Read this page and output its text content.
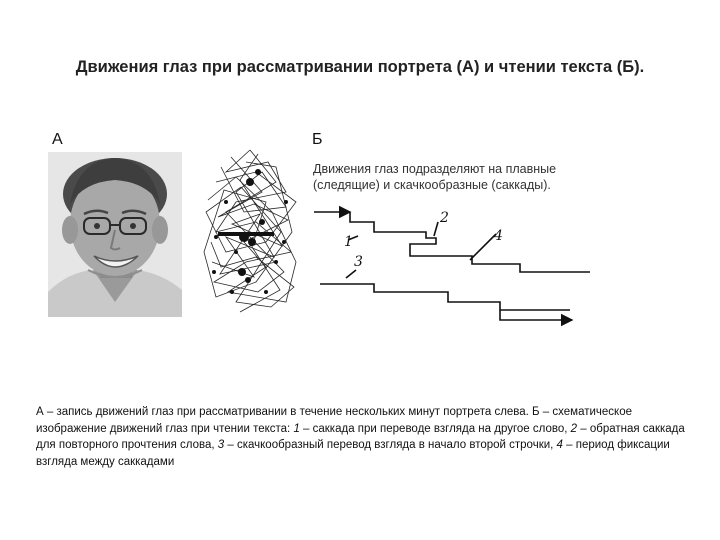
Движения глаз при рассматривании портрета (А) и чтении текста (Б).
А	Б
Движения глаз подразделяют на плавные (следящие) и скачкообразные (саккады).
1
2
3
4
А – запись движений глаз при рассматривании в течение нескольких минут портрета слева. Б – схематическое изображение движений глаз при чтении текста: 1 – саккада при переводе взгляда на другое слово, 2 – обратная саккада для повторного прочтения слова, 3 – скачкообразный перевод взгляда в начало второй строчки, 4 – период фиксации взгляда между саккадами
